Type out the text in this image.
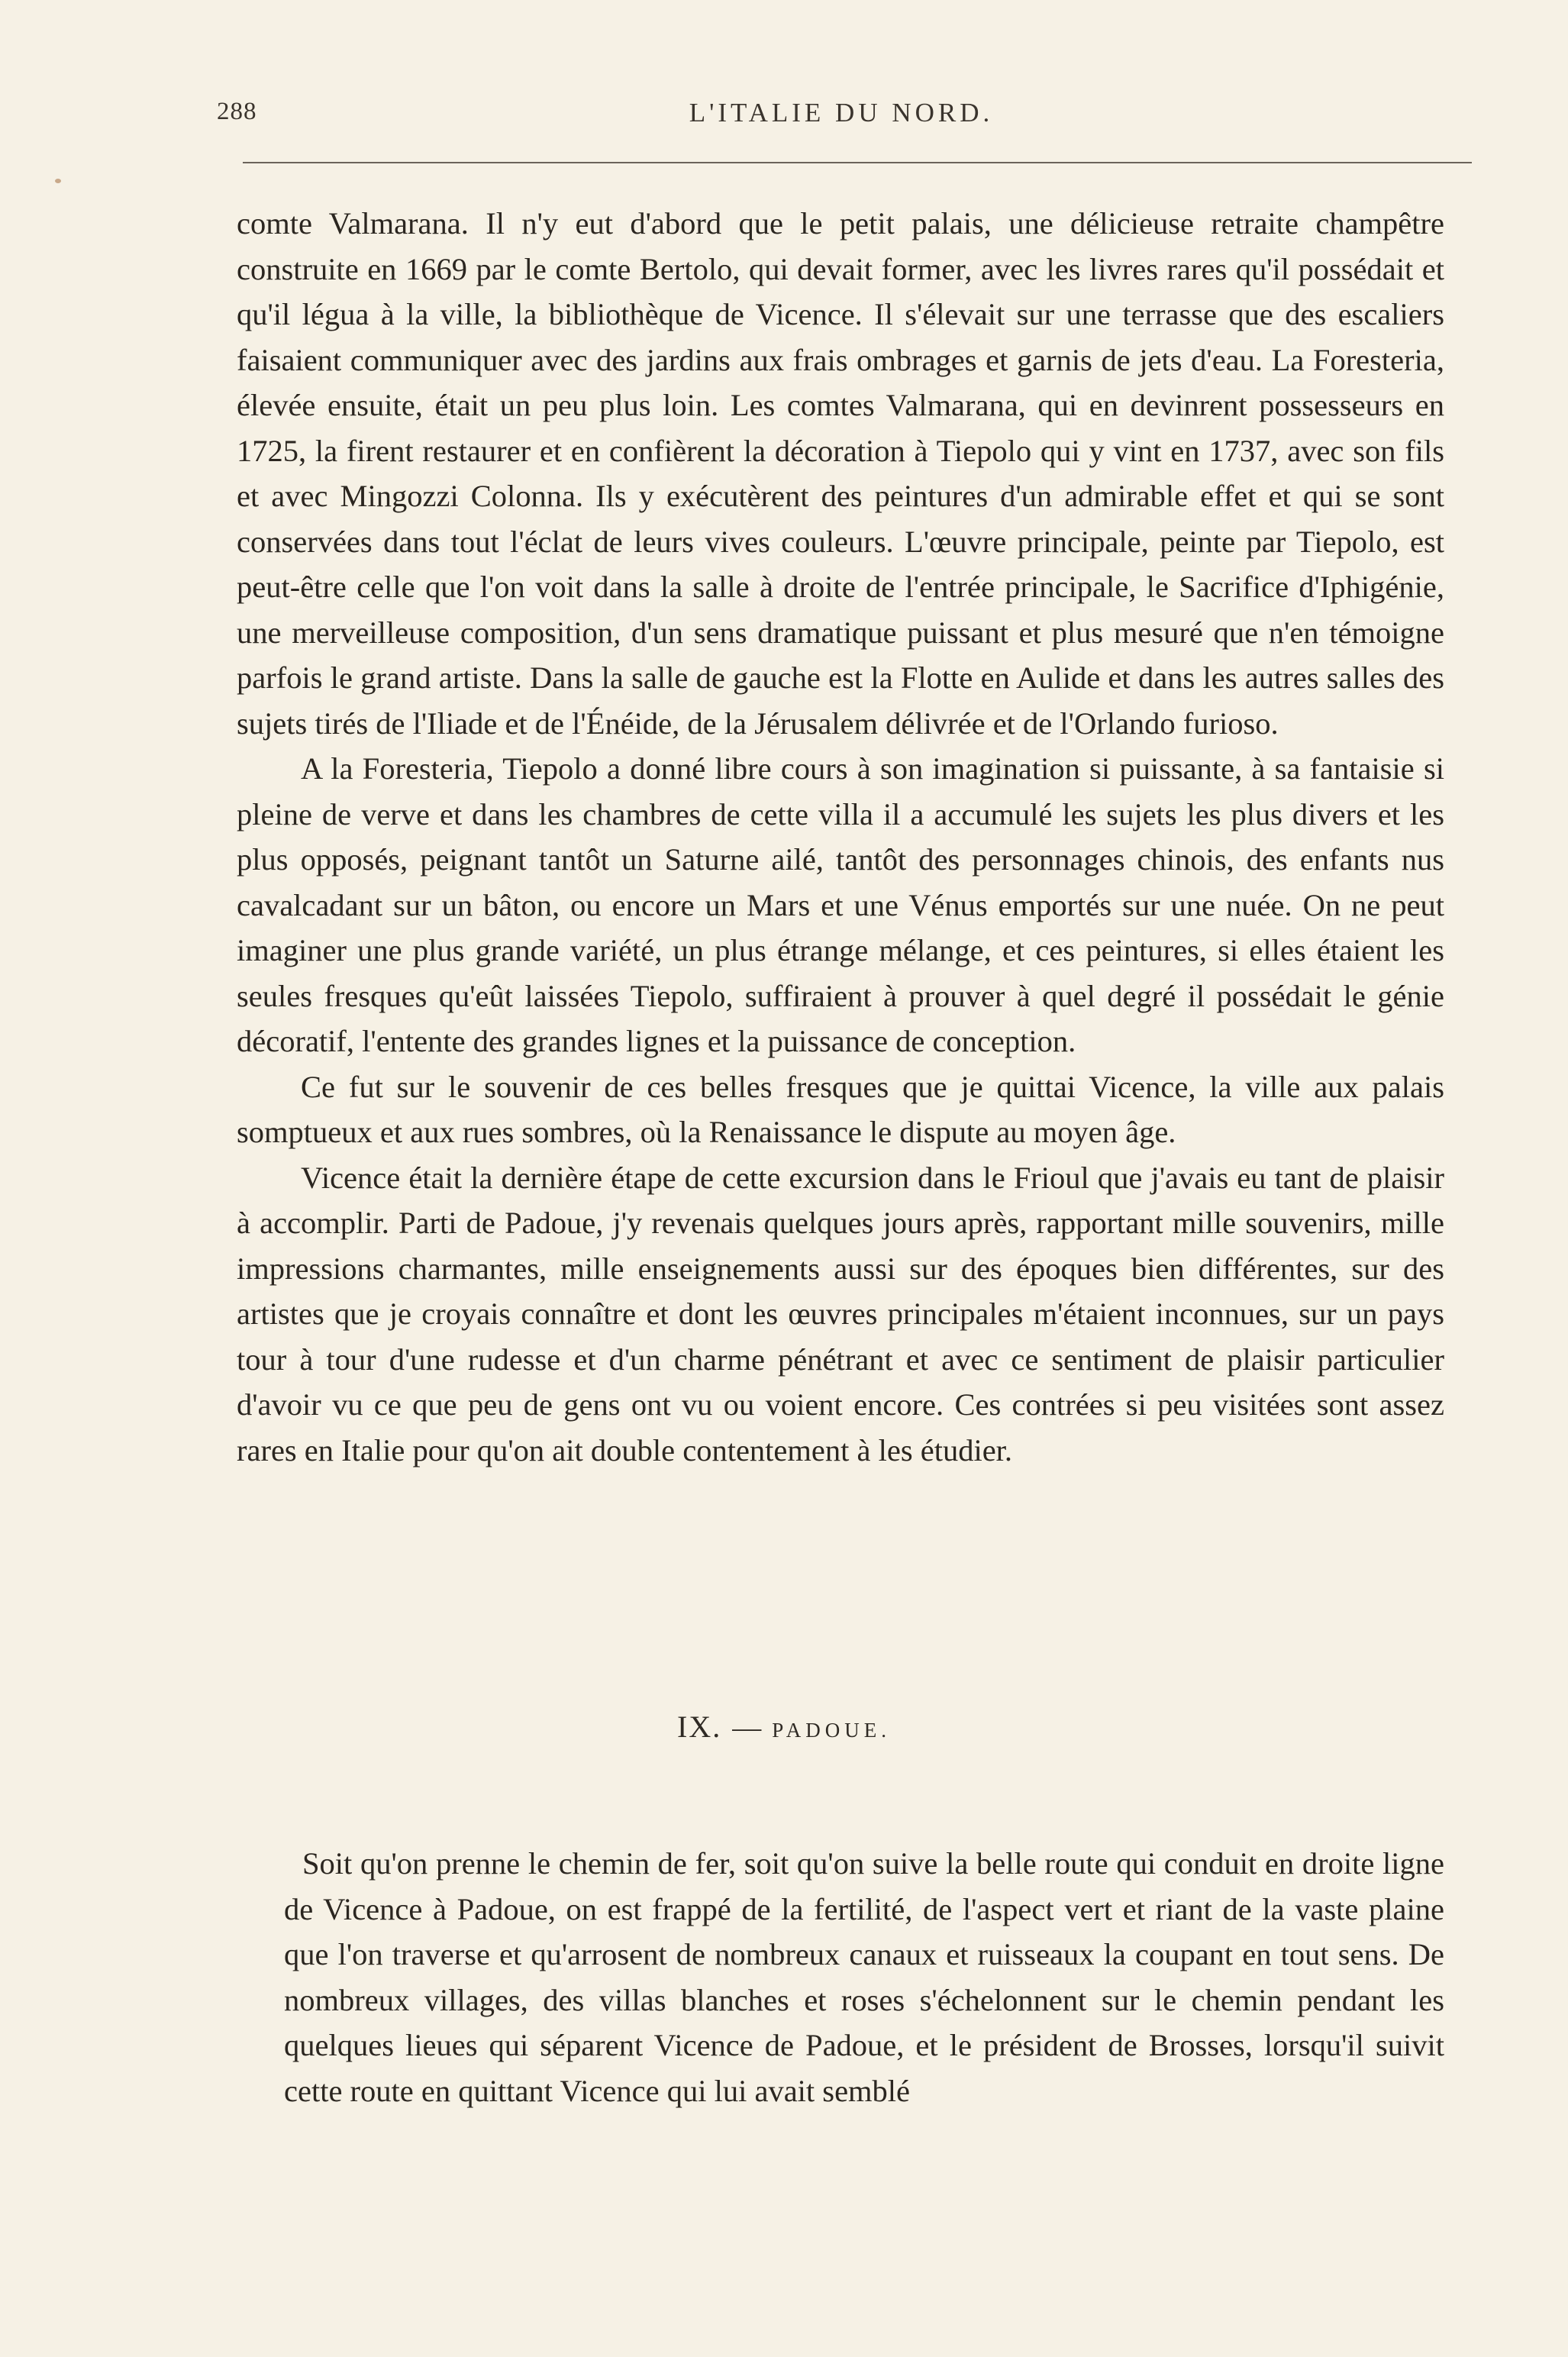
288	L'ITALIE DU NORD.

comte Valmarana. Il n'y eut d'abord que le petit palais, une délicieuse retraite champêtre construite en 1669 par le comte Bertolo, qui devait former, avec les livres rares qu'il possédait et qu'il légua à la ville, la bibliothèque de Vicence. Il s'élevait sur une terrasse que des escaliers faisaient communiquer avec des jardins aux frais ombrages et garnis de jets d'eau. La Foresteria, élevée ensuite, était un peu plus loin. Les comtes Valmarana, qui en devinrent possesseurs en 1725, la firent restaurer et en confièrent la décoration à Tiepolo qui y vint en 1737, avec son fils et avec Mingozzi Colonna. Ils y exécutèrent des peintures d'un admirable effet et qui se sont conservées dans tout l'éclat de leurs vives couleurs. L'œuvre principale, peinte par Tiepolo, est peut-être celle que l'on voit dans la salle à droite de l'entrée principale, le Sacrifice d'Iphigénie, une merveilleuse composition, d'un sens dramatique puissant et plus mesuré que n'en témoigne parfois le grand artiste. Dans la salle de gauche est la Flotte en Aulide et dans les autres salles des sujets tirés de l'Iliade et de l'Énéide, de la Jérusalem délivrée et de l'Orlando furioso.

A la Foresteria, Tiepolo a donné libre cours à son imagination si puissante, à sa fantaisie si pleine de verve et dans les chambres de cette villa il a accumulé les sujets les plus divers et les plus opposés, peignant tantôt un Saturne ailé, tantôt des personnages chinois, des enfants nus cavalcadant sur un bâton, ou encore un Mars et une Vénus emportés sur une nuée. On ne peut imaginer une plus grande variété, un plus étrange mélange, et ces peintures, si elles étaient les seules fresques qu'eût laissées Tiepolo, suffiraient à prouver à quel degré il possédait le génie décoratif, l'entente des grandes lignes et la puissance de conception.

Ce fut sur le souvenir de ces belles fresques que je quittai Vicence, la ville aux palais somptueux et aux rues sombres, où la Renaissance le dispute au moyen âge.

Vicence était la dernière étape de cette excursion dans le Frioul que j'avais eu tant de plaisir à accomplir. Parti de Padoue, j'y revenais quelques jours après, rapportant mille souvenirs, mille impressions charmantes, mille enseignements aussi sur des époques bien différentes, sur des artistes que je croyais connaître et dont les œuvres principales m'étaient inconnues, sur un pays tour à tour d'une rudesse et d'un charme pénétrant et avec ce sentiment de plaisir particulier d'avoir vu ce que peu de gens ont vu ou voient encore. Ces contrées si peu visitées sont assez rares en Italie pour qu'on ait double contentement à les étudier.

IX. — PADOUE.

Soit qu'on prenne le chemin de fer, soit qu'on suive la belle route qui conduit en droite ligne de Vicence à Padoue, on est frappé de la fertilité, de l'aspect vert et riant de la vaste plaine que l'on traverse et qu'arrosent de nombreux canaux et ruisseaux la coupant en tout sens. De nombreux villages, des villas blanches et roses s'échelonnent sur le chemin pendant les quelques lieues qui séparent Vicence de Padoue, et le président de Brosses, lorsqu'il suivit cette route en quittant Vicence qui lui avait semblé
